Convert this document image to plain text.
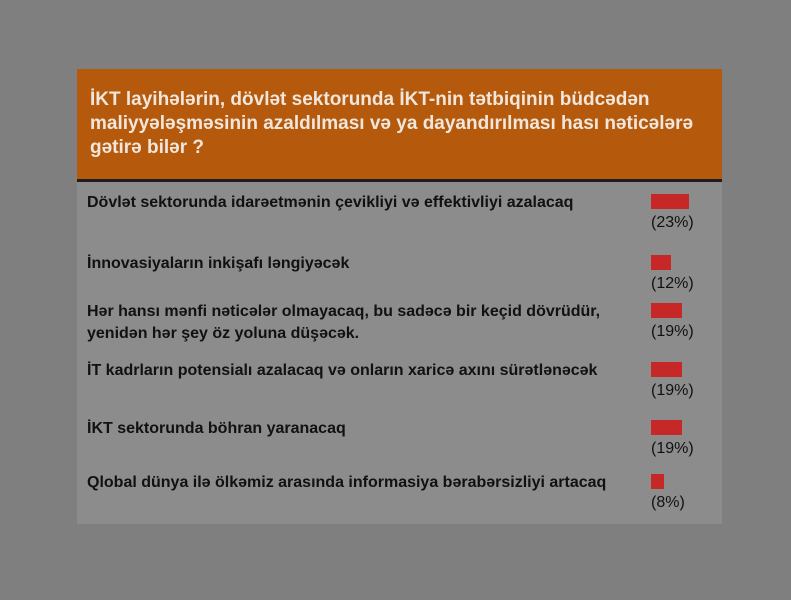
İKT layihələrin, dövlət sektorunda İKT-nin tətbiqinin büdcədən maliyyələşməsinin azaldılması və ya dayandırılması hası nəticələrə gətirə bilər ?

Dövlət sektorunda idarəetmənin çevikliyi və effektivliyi azalacaq
(23%)
İnnovasiyaların inkişafı ləngiyəcək
(12%)
Hər hansı mənfi nəticələr olmayacaq, bu sadəcə bir keçid dövrüdür, yenidən hər şey öz yoluna düşəcək.	(19%)
İT kadrların potensialı azalacaq və onların xaricə axını sürətlənəcək
(19%)
İKT sektorunda böhran yaranacaq
(19%)
Qlobal dünya ilə ölkəmiz arasında informasiya bərabərsizliyi artacaq
(8%)
